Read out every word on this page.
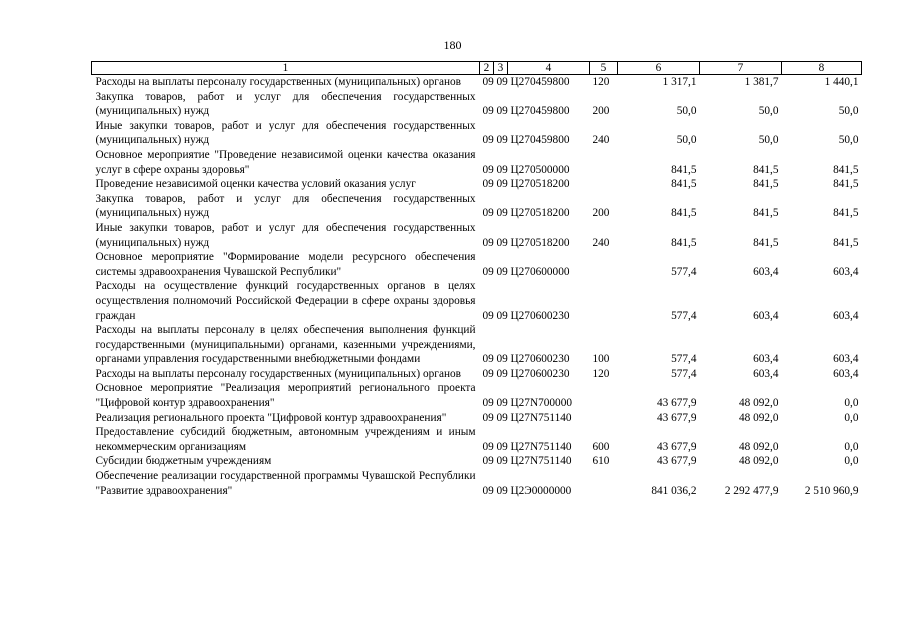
180
1	2	3	4	5	6	7	8
Расходы на выплаты персоналу государственных (муниципальных) органов	09	09	Ц270459800	120	1 317,1	1 381,7	1 440,1
Закупка товаров, работ и услуг для обеспечения государственных (муниципальных) нужд	09	09	Ц270459800	200	50,0	50,0	50,0
Иные закупки товаров, работ и услуг для обеспечения государственных (муниципальных) нужд	09	09	Ц270459800	240	50,0	50,0	50,0
Основное мероприятие "Проведение независимой оценки качества оказания услуг в сфере охраны здоровья"	09	09	Ц270500000		841,5	841,5	841,5
Проведение независимой оценки качества условий оказания услуг	09	09	Ц270518200		841,5	841,5	841,5
Закупка товаров, работ и услуг для обеспечения государственных (муниципальных) нужд	09	09	Ц270518200	200	841,5	841,5	841,5
Иные закупки товаров, работ и услуг для обеспечения государственных (муниципальных) нужд	09	09	Ц270518200	240	841,5	841,5	841,5
Основное мероприятие "Формирование модели ресурсного обеспечения системы здравоохранения Чувашской Республики"	09	09	Ц270600000		577,4	603,4	603,4
Расходы на осуществление функций государственных органов в целях осуществления полномочий Российской Федерации в сфере охраны здоровья граждан	09	09	Ц270600230		577,4	603,4	603,4
Расходы на выплаты персоналу в целях обеспечения выполнения функций государственными (муниципальными) органами, казенными учреждениями, органами управления государственными внебюджетными фондами	09	09	Ц270600230	100	577,4	603,4	603,4
Расходы на выплаты персоналу государственных (муниципальных) органов	09	09	Ц270600230	120	577,4	603,4	603,4
Основное мероприятие "Реализация мероприятий регионального проекта "Цифровой контур здравоохранения"	09	09	Ц27N700000		43 677,9	48 092,0	0,0
Реализация регионального проекта "Цифровой контур здравоохранения"	09	09	Ц27N751140		43 677,9	48 092,0	0,0
Предоставление субсидий бюджетным, автономным учреждениям и иным некоммерческим организациям	09	09	Ц27N751140	600	43 677,9	48 092,0	0,0
Субсидии бюджетным учреждениям	09	09	Ц27N751140	610	43 677,9	48 092,0	0,0
Обеспечение реализации государственной программы Чувашской Республики "Развитие здравоохранения"	09	09	Ц2Э0000000		841 036,2	2 292 477,9	2 510 960,9
